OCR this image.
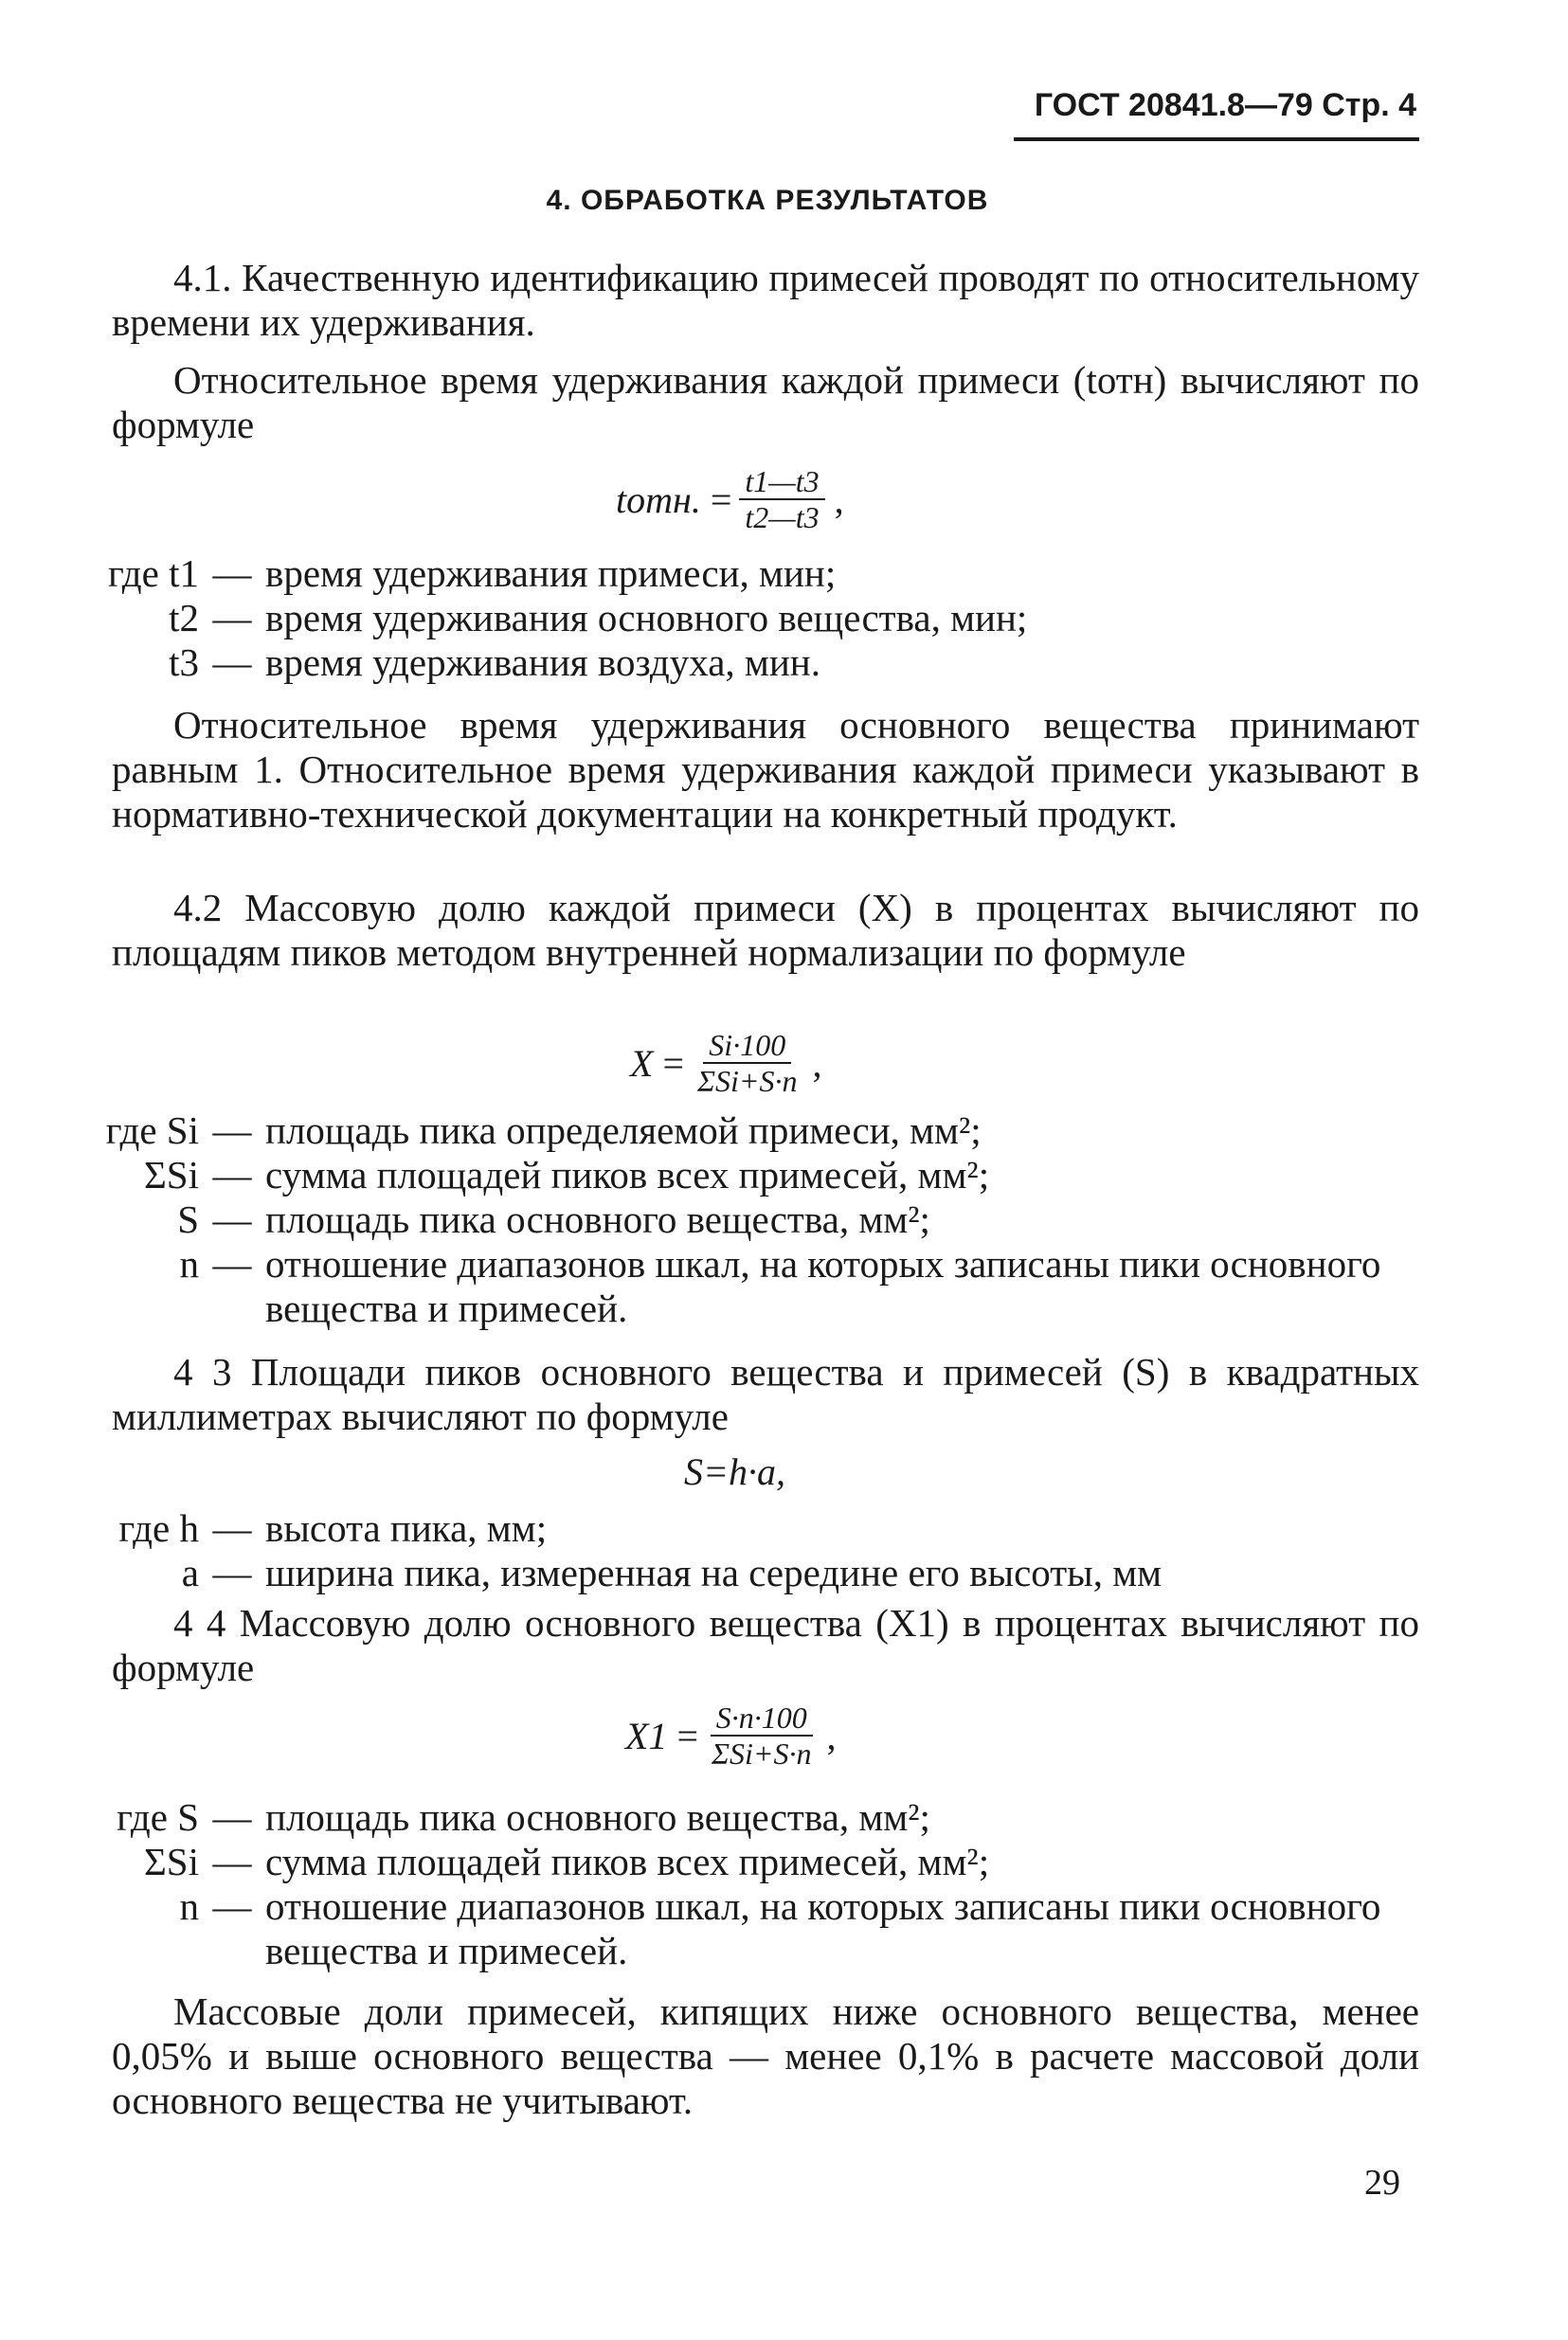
ГОСТ 20841.8—79 Стр. 4
4. ОБРАБОТКА РЕЗУЛЬТАТОВ
4.1. Качественную идентификацию примесей проводят по относительному времени их удерживания.
Относительное время удерживания каждой примеси (tотн) вычисляют по формуле
tотн. = $\frac{t1—t3}{t2—t3}$ ,
где t1 — время удерживания примеси, мин;
t2 — время удерживания основного вещества, мин;
t3 — время удерживания воздуха, мин.
Относительное время удерживания основного вещества принимают равным 1. Относительное время удерживания каждой примеси указывают в нормативно-технической документации на конкретный продукт.
4.2 Массовую долю каждой примеси (X) в процентах вычисляют по площадям пиков методом внутренней нормализации по формуле
$X = \frac{Si\cdot 100}{\text{ΣSi+S·n}}$ ,
где Si — площадь пика определяемой примеси, мм²;
ΣSi — сумма площадей пиков всех примесей, мм²;
S — площадь пика основного вещества, мм²;
n — отношение диапазонов шкал, на которых записаны пики основного вещества и примесей.
4 3 Площади пиков основного вещества и примесей (S) в квадратных миллиметрах вычисляют по формуле
S=h·a,
где h — высота пика, мм;
a — ширина пика, измеренная на середине его высоты, мм
4 4 Массовую долю основного вещества (X1) в процентах вычисляют по формуле
$X1 = \frac{S\cdot n\cdot 100}{\text{ΣSi+S·n}}$ ,
где S — площадь пика основного вещества, мм²;
ΣSi — сумма площадей пиков всех примесей, мм²;
n — отношение диапазонов шкал, на которых записаны пики основного вещества и примесей.
Массовые доли примесей, кипящих ниже основного вещества, менее 0,05% и выше основного вещества — менее 0,1% в расчете массовой доли основного вещества не учитывают.
29
